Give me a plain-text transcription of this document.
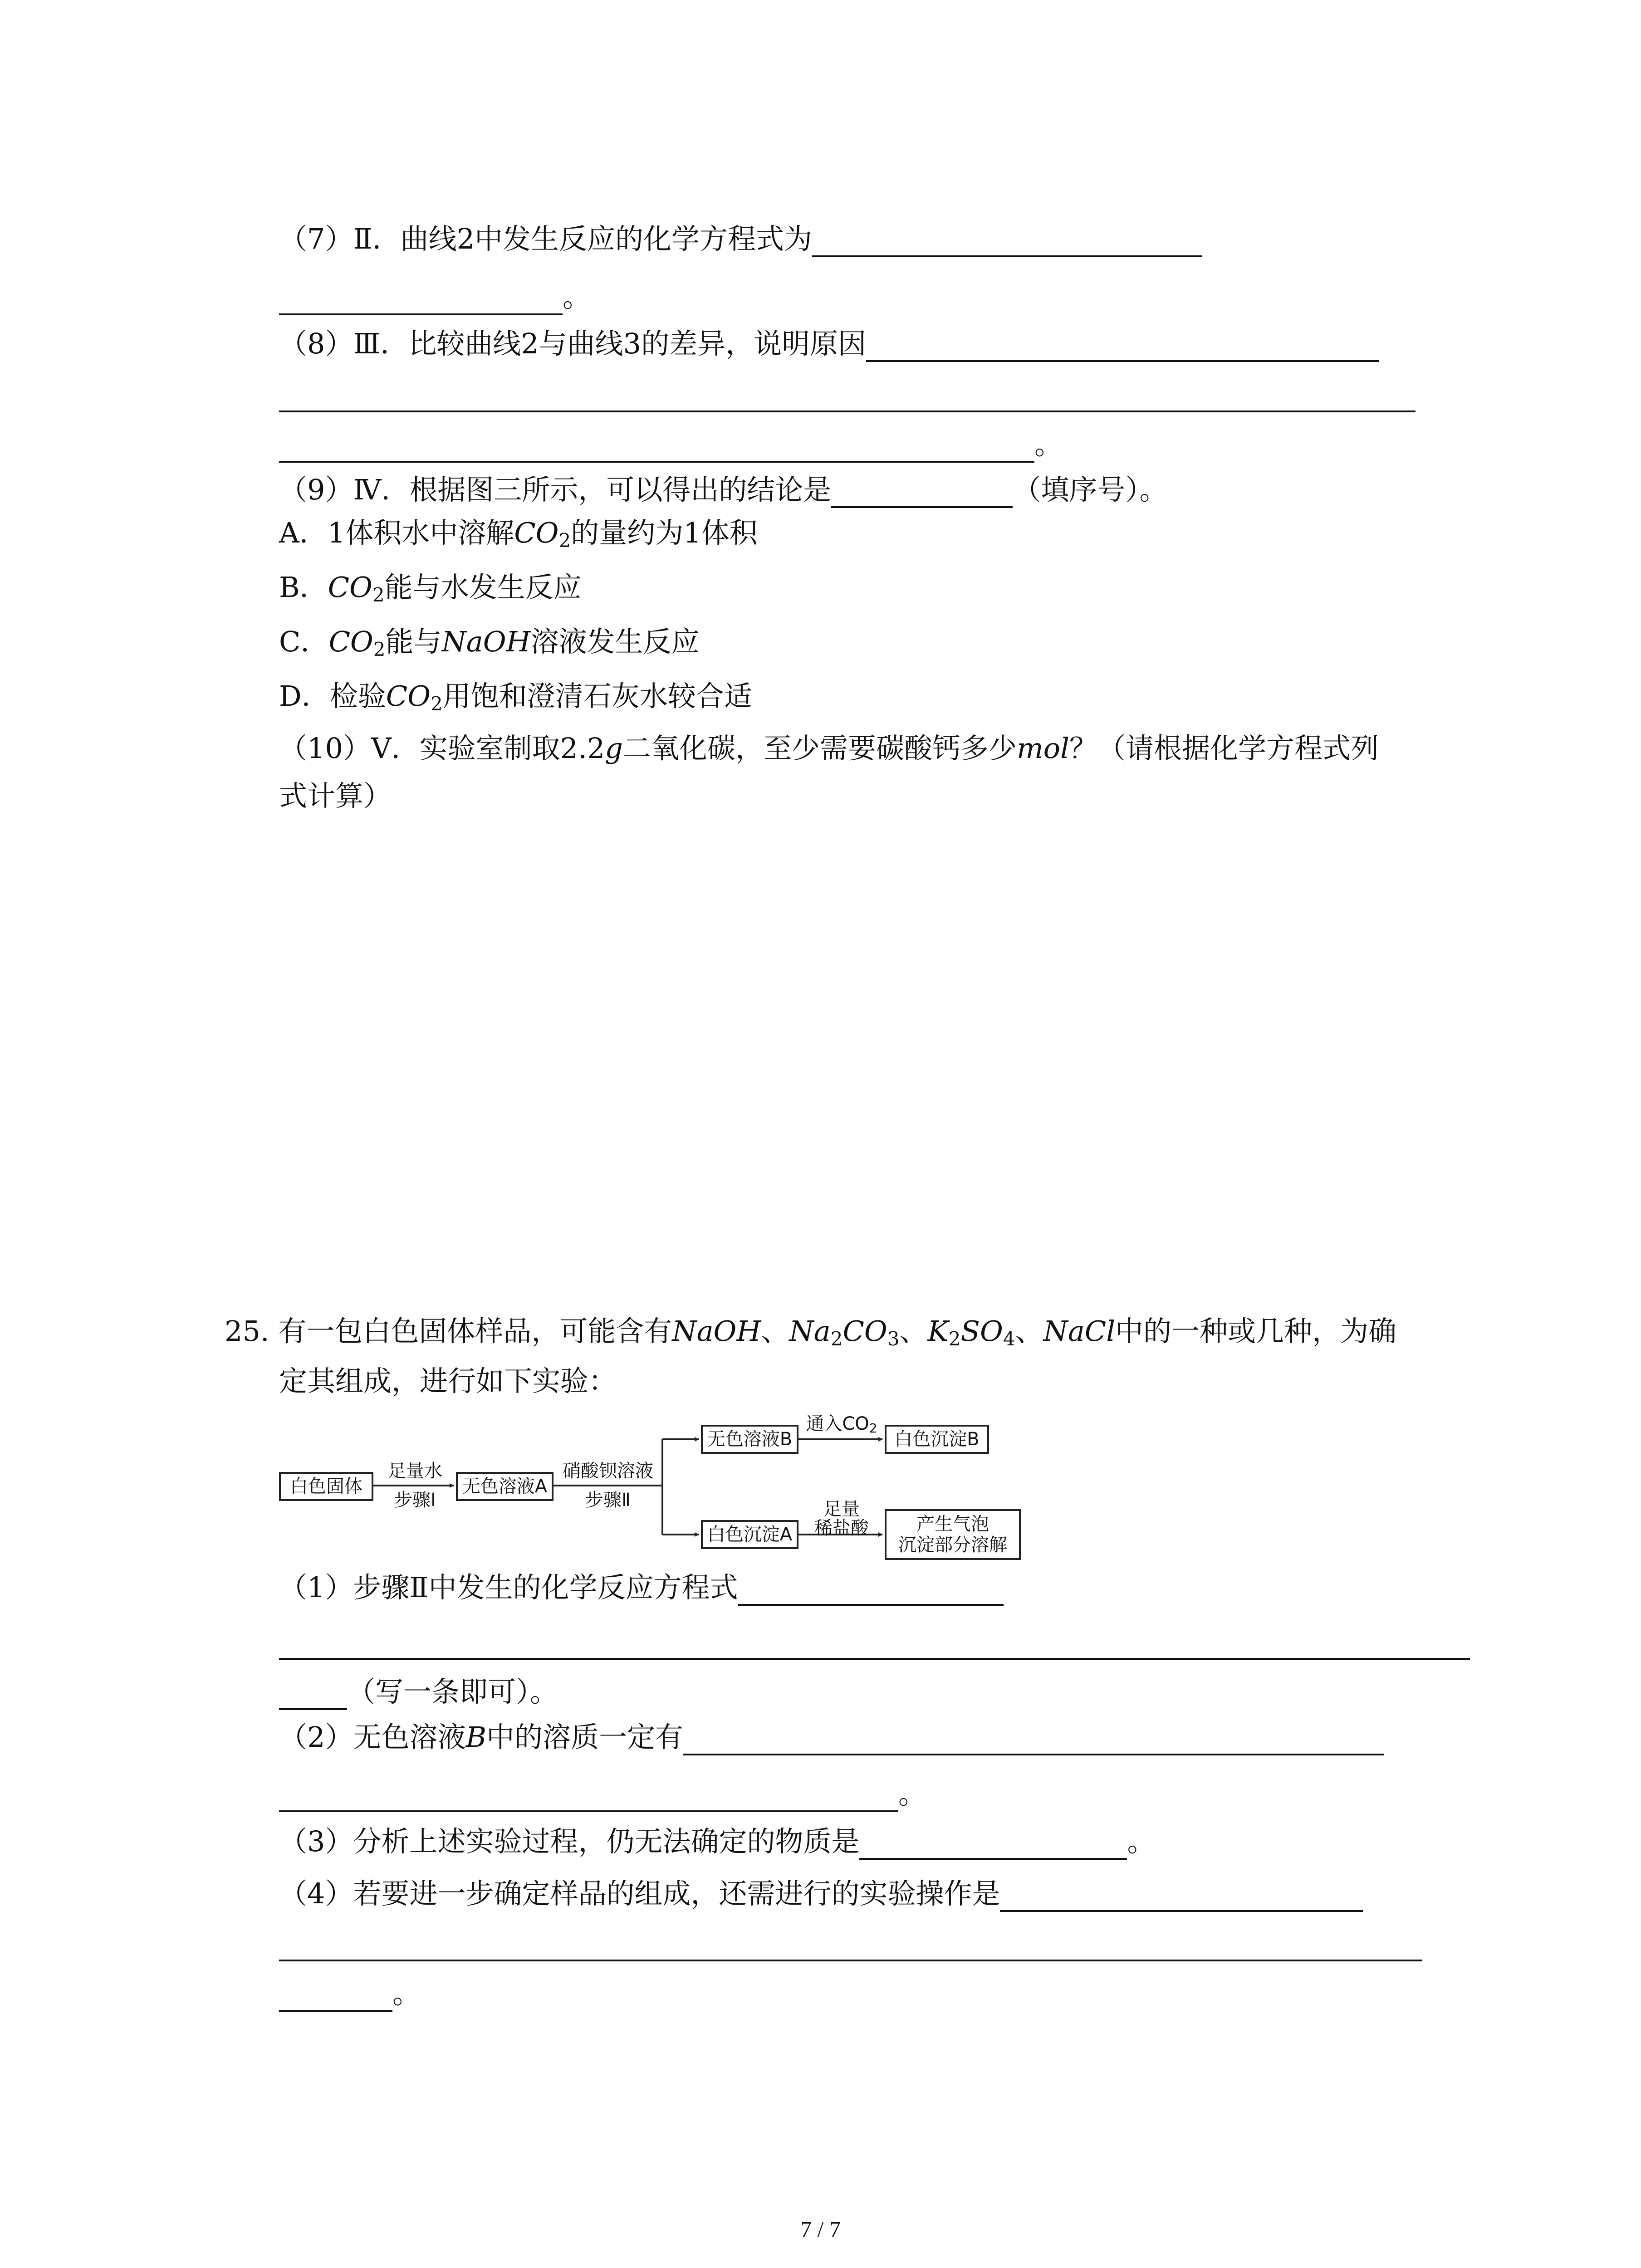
（7）Ⅱ．曲线2中发生反应的化学方程式为
。
（8）Ⅲ．比较曲线2与曲线3的差异，说明原因
。
（9）Ⅳ．根据图三所示，可以得出的结论是	（填序号）。
A．1体积水中溶解$CO_2$的量约为1体积
B．$CO_2$能与水发生反应
C．$CO_2$能与NaOH溶液发生反应
D．检验$CO_2$用饱和澄清石灰水较合适
（10）Ⅴ．实验室制取2.2g二氧化碳，至少需要碳酸钙多少mol？（请根据化学方程式列
式计算）
25. 有一包白色固体样品，可能含有NaOH、$Na_2CO_3$、$K_2SO_4$、NaCl中的一种或几种，为确
定其组成，进行如下实验：
白色固体
足量水
步骤Ⅰ
无色溶液A
硝酸钡溶液
步骤Ⅱ
无色溶液B
通入$CO_2$
白色沉淀B
白色沉淀A
足量
稀盐酸	产生气泡
沉淀部分溶解
（1）步骤Ⅱ中发生的化学反应方程式
（写一条即可）。
（2）无色溶液B中的溶质一定有
。
（3）分析上述实验过程，仍无法确定的物质是	。
（4）若要进一步确定样品的组成，还需进行的实验操作是
。
7 / 7
